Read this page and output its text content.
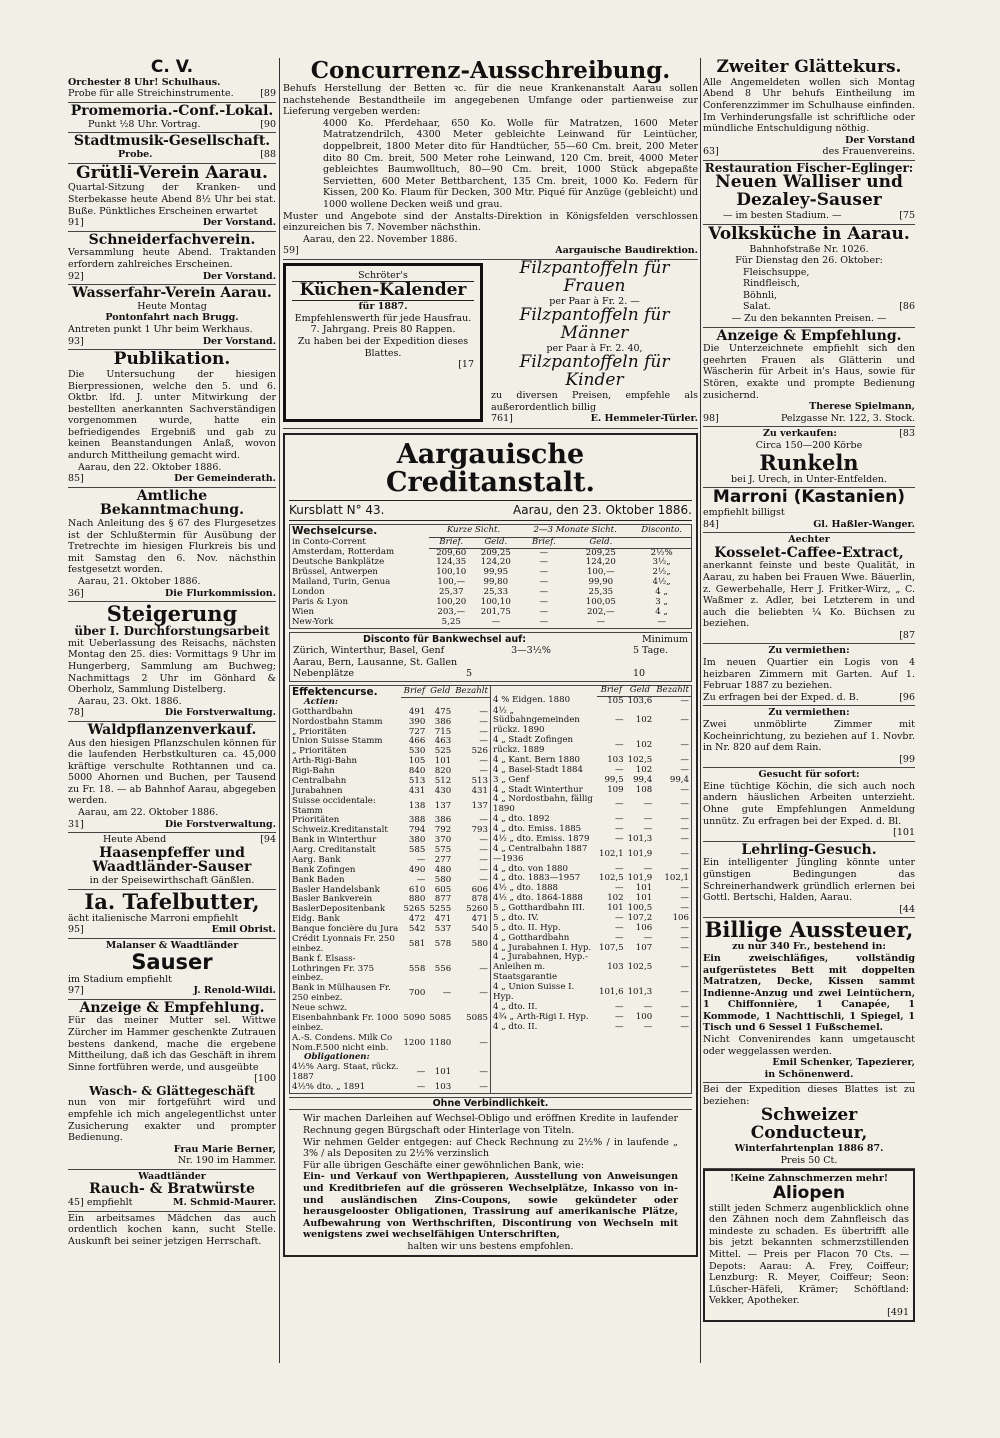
C. V.
Orchester 8 Uhr! Schulhaus.
Probe für alle Streichinstrumente.	[89
Promemoria.-Conf.-Lokal.
Punkt ½8 Uhr. Vortrag.	[90
Stadtmusik-Gesellschaft.
Probe.	[88
Grütli-Verein Aarau.
Quartal-Sitzung der Kranken- und Sterbekasse heute Abend 8½ Uhr bei stat. Buße. Pünktliches Erscheinen erwartet
91]	Der Vorstand.
Schneiderfachverein.
Versammlung heute Abend. Traktanden erfordern zahlreiches Erscheinen.
92]	Der Vorstand.
Wasserfahr-Verein Aarau.
Heute Montag
Pontonfahrt nach Brugg.
Antreten punkt 1 Uhr beim Werkhaus.
93]	Der Vorstand.
Publikation.
Die Untersuchung der hiesigen Bierpressionen, welche den 5. und 6. Oktbr. lfd. J. unter Mitwirkung der bestellten anerkannten Sachverständigen vorgenommen wurde, hatte ein befriedigendes Ergebniß und gab zu keinen Beanstandungen Anlaß, wovon andurch Mittheilung gemacht wird.
Aarau, den 22. Oktober 1886.
85]	Der Gemeinderath.
Amtliche Bekanntmachung.
Nach Anleitung des § 67 des Flurgesetzes ist der Schlußtermin für Ausübung der Tretrechte im hiesigen Flurkreis bis und mit Samstag den 6. Nov. nächsthin festgesetzt worden.
Aarau, 21. Oktober 1886.
36]	Die Flurkommission.
Steigerung
über I. Durchforstungsarbeit
mit Ueberlassung des Reisachs, nächsten Montag den 25. dies: Vormittags 9 Uhr im Hungerberg, Sammlung am Buchweg; Nachmittags 2 Uhr im Gönhard & Oberholz, Sammlung Distelberg.
Aarau, 23. Okt. 1886.
78]	Die Forstverwaltung.
Waldpflanzenverkauf.
Aus den hiesigen Pflanzschulen können für die laufenden Herbstkulturen ca. 45,000 kräftige verschulte Rothtannen und ca. 5000 Ahornen und Buchen, per Tausend zu Fr. 18. — ab Bahnhof Aarau, abgegeben werden.
Aarau, am 22. Oktober 1886.
31]	Die Forstverwaltung.
Heute Abend	[94
Haasenpfeffer und
Waadtländer-Sauser
in der Speisewirthschaft Gänßlen.
Ia. Tafelbutter,
ächt italienische Marroni empfiehlt
95]	Emil Obrist.
Malanser & Waadtländer
Sauser
im Stadium empfiehlt
97]	J. Renold-Wildi.
Anzeige & Empfehlung.
Für das meiner Mutter sel. Wittwe Zürcher im Hammer geschenkte Zutrauen bestens dankend, mache die ergebene Mittheilung, daß ich das Geschäft in ihrem Sinne fortführen werde, und ausgeübte
[100
Wasch- & Glättegeschäft
nun von mir fortgeführt wird und empfehle ich mich angelegentlichst unter Zusicherung exakter und prompter Bedienung.
Frau Marie Berner,
Nr. 190 im Hammer.
Waadtländer
Rauch- & Bratwürste
45] empfiehlt	M. Schmid-Maurer.
Ein arbeitsames Mädchen das auch ordentlich kochen kann, sucht Stelle. Auskunft bei seiner jetzigen Herrschaft.
Concurrenz-Ausschreibung.
Behufs Herstellung der Betten ꝛc. für die neue Krankenanstalt Aarau sollen nachstehende Bestandtheile im angegebenen Umfange oder partienweise zur Lieferung vergeben werden:
4000 Ko. Pferdehaar, 650 Ko. Wolle für Matratzen, 1600 Meter Matratzendrilch, 4300 Meter gebleichte Leinwand für Leintücher, doppelbreit, 1800 Meter dito für Handtücher, 55—60 Cm. breit, 200 Meter dito 80 Cm. breit, 500 Meter rohe Leinwand, 120 Cm. breit, 4000 Meter gebleichtes Baumwolltuch, 80—90 Cm. breit, 1000 Stück abgepaßte Servietten, 600 Meter Bettbarchent, 135 Cm. breit, 1000 Ko. Federn für Kissen, 200 Ko. Flaum für Decken, 300 Mtr. Piqué für Anzüge (gebleicht) und 1000 wollene Decken weiß und grau.
Muster und Angebote sind der Anstalts-Direktion in Königsfelden verschlossen einzureichen bis 7. November nächsthin.
Aarau, den 22. November 1886.
59]	Aargauische Baudirektion.
Schröter's
Küchen-Kalender
für 1887.
Empfehlenswerth für jede Hausfrau.
7. Jahrgang. Preis 80 Rappen.
Zu haben bei der Expedition dieses Blattes.
[17
Filzpantoffeln für Frauen
per Paar à Fr. 2. —
Filzpantoffeln für Männer
per Paar à Fr. 2. 40,
Filzpantoffeln für Kinder
zu diversen Preisen, empfehle als außerordentlich billig
761]	E. Hemmeler-Türler.
Aargauische Creditanstalt.
Kursblatt N° 43.	Aarau, den 23. Oktober 1886.
Wechselcurse.	Kurze Sicht.		2—3 Monate Sicht.		Disconto.
in Conto-Corrent	Brief.	Geld.	Brief.	Geld.	
Amsterdam, Rotterdam	209,60	209,25	—	209,25	2½%
Deutsche Bankplätze	124,35	124,20	—	124,20	3½„
Brüssel, Antwerpen	100,10	99,95	—	100,—	2½„
Mailand, Turin, Genua	100,—	99,80	—	99,90	4½„
London	25,37	25,33	—	25,35	4 „
Paris & Lyon	100,20	100,10	—	100,05	3 „
Wien	203,—	201,75	—	202,—	4 „
New-York	5,25	—	—	—	—
Disconto für Bankwechsel auf:	Minimum
Zürich, Winterthur, Basel, Genf	3—3½%	5 Tage.
Aarau, Bern, Lausanne, St. Gallen
Nebenplätze	5	10
Effektencurse.	Brief	Geld	Bezahlt
Actien:			
Gotthardbahn	491	475	—
Nordostbahn Stamm	390	386	—
„ Prioritäten	727	715	—
Union Suisse Stamm	466	463	—
„ Prioritäten	530	525	526
Arth-Rigi-Bahn	105	101	—
Rigi-Bahn	840	820	—
Centralbahn	513	512	513
Jurabahnen	431	430	431
Suisse occidentale: Stamm	138	137	137
Prioritäten	388	386	—
Schweiz.Kreditanstalt	794	792	793
Bank in Winterthur	380	370	—
Aarg. Creditanstalt	585	575	—
Aarg. Bank	—	277	—
Bank Zofingen	490	480	—
Bank Baden	—	580	—
Basler Handelsbank	610	605	606
Basler Bankverein	880	877	878
BaslerDepositenbank	5265	5255	5260
Eidg. Bank	472	471	471
Banque foncière du Jura	542	537	540
Crédit Lyonnais Fr. 250 einbez.	581	578	580
Bank f. Elsass-Lothringen Fr. 375 einbez.	558	556	—
Bank in Mülhausen Fr. 250 einbez.	700	—	—
Neue schwz. Eisenbahnbank Fr. 1000 einbez.	5090	5085	5085
A.-S. Condens. Milk Co Nom.F.500 nicht einb.	1200	1180	—
Obligationen:			
4½% Aarg. Staat, rückz. 1887	—	101	—
4½% dto. „ 1891	—	103	—
	Brief	Geld	Bezahlt
4 % Eidgen. 1880	105	103,6	—
4½ „ Südbahngemeinden rückz. 1890	—	102	—
4 „ Stadt Zofingen rückz. 1889	—	102	—
4 „ Kant. Bern 1880	103	102,5	—
4 „ Basel-Stadt 1884	—	102	—
3 „ Genf	99,5	99,4	99,4
4 „ Stadt Winterthur	109	108	—
4 „ Nordostbahn, fällig 1890	—	—	—
4 „ dto. 1892	—	—	—
4 „ dto. Emiss. 1885	—	—	—
4½ „ dto. Emiss. 1879	—	101,3	—
4 „ Centralbahn 1887—1936	102,1	101,9	—
4 „ dto. von 1880	—	—	—
4 „ dto. 1883—1957	102,5	101,9	102,1
4½ „ dto. 1888	—	101	—
4½ „ dto. 1864-1888	102	101	—
5 „ Gotthardbahn III.	101	100,5	—
5 „ dto. IV.	—	107,2	106
5 „ dto. II. Hyp.	—	106	—
4 „ Gotthardbahn	—	—	—
4 „ Jurabahnen I. Hyp.	107,5	107	—
4 „ Jurabahnen, Hyp.-Anleihen m. Staatsgarantie	103	102,5	—
4 „ Union Suisse I. Hyp.	101,6	101,3	—
4 „ dto. II.	—	—	—
4¾ „ Arth-Rigi I. Hyp.	—	100	—
4 „ dto. II.	—	—	—
Ohne Verbindlichkeit.
Wir machen Darleihen auf Wechsel-Obligo und eröffnen Kredite in laufender Rechnung gegen Bürgschaft oder Hinterlage von Titeln.
Wir nehmen Gelder entgegen: auf Check Rechnung zu 2½% / in laufende „ 3% / als Depositen zu 2½% verzinslich
Für alle übrigen Geschäfte einer gewöhnlichen Bank, wie:
Ein- und Verkauf von Werthpapieren, Ausstellung von Anweisungen und Kreditbriefen auf die grösseren Wechselplätze, Inkasso von in- und ausländischen Zins-Coupons, sowie gekündeter oder herausgelooster Obligationen, Trassirung auf amerikanische Plätze, Aufbewahrung von Werthschriften, Discontirung von Wechseln mit wenigstens zwei wechselfähigen Unterschriften,
halten wir uns bestens empfohlen.
Zweiter Glättekurs.
Alle Angemeldeten wollen sich Montag Abend 8 Uhr behufs Eintheilung im Conferenzzimmer im Schulhause einfinden. Im Verhinderungsfalle ist schriftliche oder mündliche Entschuldigung nöthig.
Der Vorstand
63]	des Frauenvereins.
Restauration Fischer-Eglinger:
Neuen Walliser und
Dezaley-Sauser
— im besten Stadium. —	[75
Volksküche in Aarau.
Bahnhofstraße Nr. 1026.
Für Dienstag den 26. Oktober:
Fleischsuppe,
Rindfleisch,
Böhnli,
Salat.	[86
— Zu den bekannten Preisen. —
Anzeige & Empfehlung.
Die Unterzeichnete empfiehlt sich den geehrten Frauen als Glätterin und Wäscherin für Arbeit in's Haus, sowie für Stören, exakte und prompte Bedienung zusichernd.
Therese Spielmann,
98]	Pelzgasse Nr. 122, 3. Stock.
Zu verkaufen:	[83
Circa 150—200 Körbe
Runkeln
bei J. Urech, in Unter-Entfelden.
Marroni (Kastanien)
empfiehlt billigst
84]	Gl. Haßler-Wanger.
Aechter
Kosselet-Caffee-Extract,
anerkannt feinste und beste Qualität, in Aarau, zu haben bei Frauen Wwe. Bäuerlin, z. Gewerbehalle, Herr J. Fritker-Wirz, „ C. Waßmer z. Adler, bei Letzterem in und auch die beliebten ¼ Ko. Büchsen zu beziehen.
[87
Zu vermiethen:
Im neuen Quartier ein Logis von 4 heizbaren Zimmern mit Garten. Auf 1. Februar 1887 zu beziehen.
Zu erfragen bei der Exped. d. B.	[96
Zu vermiethen:
Zwei unmöblirte Zimmer mit Kocheinrichtung, zu beziehen auf 1. Novbr. in Nr. 820 auf dem Rain.
[99
Gesucht für sofort:
Eine tüchtige Köchin, die sich auch noch andern häuslichen Arbeiten unterzieht. Ohne gute Empfehlungen Anmeldung unnütz. Zu erfragen bei der Exped. d. Bl.
[101
Lehrling-Gesuch.
Ein intelligenter Jüngling könnte unter günstigen Bedingungen das Schreinerhandwerk gründlich erlernen bei Gottl. Bertschi, Halden, Aarau.
[44
Billige Aussteuer,
zu nur 340 Fr., bestehend in:
Ein zweischläfiges, vollständig aufgerüstetes Bett mit doppelten Matratzen, Decke, Kissen sammt Indienne-Anzug und zwei Leintüchern, 1 Chiffonnière, 1 Canapée, 1 Kommode, 1 Nachttischli, 1 Spiegel, 1 Tisch und 6 Sessel 1 Fußschemel.
Nicht Convenirendes kann umgetauscht oder weggelassen werden.
Emil Schenker, Tapezierer,
in Schönenwerd.
Bei der Expedition dieses Blattes ist zu beziehen:
Schweizer Conducteur,
Winterfahrtenplan 1886 87.
Preis 50 Ct.
!Keine Zahnschmerzen mehr!
Aliopen
stillt jeden Schmerz augenblicklich ohne den Zähnen noch dem Zahnfleisch das mindeste zu schaden. Es übertrifft alle bis jetzt bekannten schmerzstillenden Mittel. — Preis per Flacon 70 Cts. — Depots: Aarau: A. Frey, Coiffeur; Lenzburg: R. Meyer, Coiffeur; Seon: Lüscher-Häfeli, Krämer; Schöftland: Vekker, Apotheker.
[491
